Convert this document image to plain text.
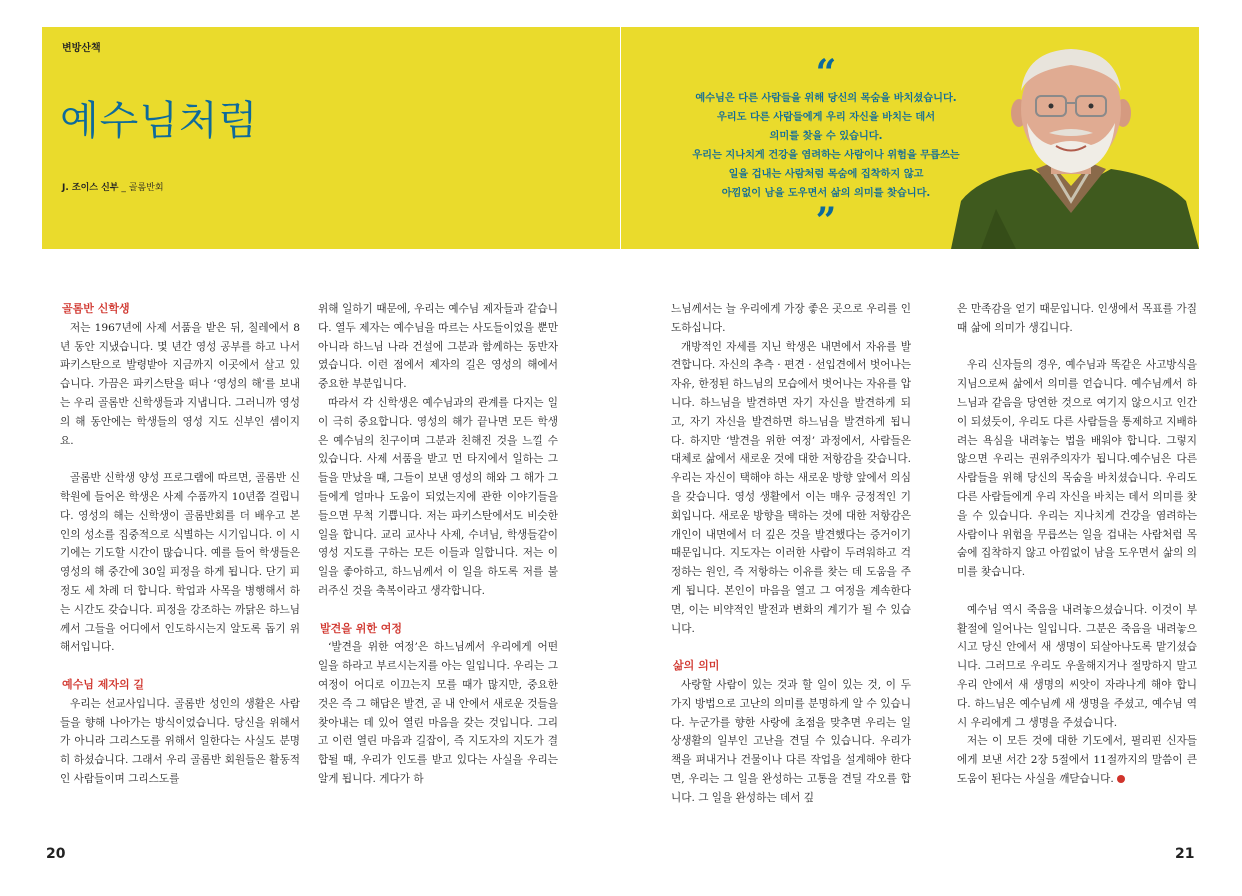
변방산책
예수님처럼
J. 조이스 신부 _ 골롬반회
골롬반 신학생

저는 1967년에 사제 서품을 받은 뒤, 칠레에서 8년 동안 지냈습니다. 몇 년간 영성 공부를 하고 나서 파키스탄으로 발령받아 지금까지 이곳에서 살고 있습니다. 가끔은 파키스탄을 떠나 ‘영성의 해’를 보내는 우리 골롬반 신학생들과 지냅니다. 그러니까 영성의 해 동안에는 학생들의 영성 지도 신부인 셈이지요.

골롬반 신학생 양성 프로그램에 따르면, 골롬반 신학원에 들어온 학생은 사제 수품까지 10년쯤 걸립니다. 영성의 해는 신학생이 골롬반회를 더 배우고 본인의 성소를 집중적으로 식별하는 시기입니다. 이 시기에는 기도할 시간이 많습니다. 예를 들어 학생들은 영성의 해 중간에 30일 피정을 하게 됩니다. 단기 피정도 세 차례 더 합니다. 학업과 사목을 병행해서 하는 시간도 갖습니다. 피정을 강조하는 까닭은 하느님께서 그들을 어디에서 인도하시는지 알도록 돕기 위해서입니다.

예수님 제자의 길

우리는 선교사입니다. 골롬반 성인의 생활은 사람들을 향해 나아가는 방식이었습니다. 당신을 위해서가 아니라 그리스도를 위해서 일한다는 사실도 분명히 하셨습니다. 그래서 우리 골롬반 회원들은 활동적인 사람들이며 그리스도를

위해 일하기 때문에, 우리는 예수님 제자들과 같습니다. 열두 제자는 예수님을 따르는 사도들이었을 뿐만 아니라 하느님 나라 건설에 그분과 함께하는 동반자였습니다. 이런 점에서 제자의 길은 영성의 해에서 중요한 부분입니다.

따라서 각 신학생은 예수님과의 관계를 다지는 일이 극히 중요합니다. 영성의 해가 끝나면 모든 학생은 예수님의 친구이며 그분과 친해진 것을 느낄 수 있습니다. 사제 서품을 받고 먼 타지에서 일하는 그들을 만났을 때, 그들이 보낸 영성의 해와 그 해가 그들에게 얼마나 도움이 되었는지에 관한 이야기들을 들으면 무척 기쁩니다. 저는 파키스탄에서도 비슷한 일을 합니다. 교리 교사나 사제, 수녀님, 학생들같이 영성 지도를 구하는 모든 이들과 일합니다. 저는 이 일을 좋아하고, 하느님께서 이 일을 하도록 저를 불러주신 것을 축복이라고 생각합니다.

발견을 위한 여정

‘발견을 위한 여정’은 하느님께서 우리에게 어떤 일을 하라고 부르시는지를 아는 일입니다. 우리는 그 여정이 어디로 이끄는지 모를 때가 많지만, 중요한 것은 즉 그 해답은 발견, 곧 내 안에서 새로운 것들을 찾아내는 데 있어 열린 마음을 갖는 것입니다. 그리고 이런 열린 마음과 길잡이, 즉 지도자의 지도가 결합될 때, 우리가 인도를 받고 있다는 사실을 우리는 알게 됩니다. 게다가 하

20
“
예수님은 다른 사람들을 위해 당신의 목숨을 바치셨습니다.
우리도 다른 사람들에게 우리 자신을 바치는 데서
의미를 찾을 수 있습니다.
우리는 지나치게 건강을 염려하는 사람이나 위험을 무릅쓰는
일을 겁내는 사람처럼 목숨에 집착하지 않고
아낌없이 남을 도우면서 삶의 의미를 찾습니다.
”

느님께서는 늘 우리에게 가장 좋은 곳으로 우리를 인도하십니다.

개방적인 자세를 지닌 학생은 내면에서 자유를 발견합니다. 자신의 추측 · 편견 · 선입견에서 벗어나는 자유, 한정된 하느님의 모습에서 벗어나는 자유를 압니다. 하느님을 발견하면 자기 자신을 발견하게 되고, 자기 자신을 발견하면 하느님을 발견하게 됩니다. 하지만 ‘발견을 위한 여정’ 과정에서, 사람들은 대체로 삶에서 새로운 것에 대한 저항감을 갖습니다. 우리는 자신이 택해야 하는 새로운 방향 앞에서 의심을 갖습니다. 영성 생활에서 이는 매우 긍정적인 기회입니다. 새로운 방향을 택하는 것에 대한 저항감은 개인이 내면에서 더 깊은 것을 발견했다는 증거이기 때문입니다. 지도자는 이러한 사람이 두려워하고 걱정하는 원인, 즉 저항하는 이유를 찾는 데 도움을 주게 됩니다. 본인이 마음을 열고 그 여정을 계속한다면, 이는 비약적인 발전과 변화의 계기가 될 수 있습니다.

삶의 의미

사랑할 사람이 있는 것과 할 일이 있는 것, 이 두 가지 방법으로 고난의 의미를 분명하게 알 수 있습니다. 누군가를 향한 사랑에 초점을 맞추면 우리는 일상생활의 일부인 고난을 견딜 수 있습니다. 우리가 책을 펴내거나 건물이나 다른 작업을 설계해야 한다면, 우리는 그 일을 완성하는 고통을 견딜 각오를 합니다. 그 일을 완성하는 데서 깊

은 만족감을 얻기 때문입니다. 인생에서 목표를 가질 때 삶에 의미가 생깁니다.

우리 신자들의 경우, 예수님과 똑같은 사고방식을 지님으로써 삶에서 의미를 얻습니다. 예수님께서 하느님과 같음을 당연한 것으로 여기지 않으시고 인간이 되셨듯이, 우리도 다른 사람들을 통제하고 지배하려는 욕심을 내려놓는 법을 배워야 합니다. 그렇지 않으면 우리는 권위주의자가 됩니다.예수님은 다른 사람들을 위해 당신의 목숨을 바치셨습니다. 우리도 다른 사람들에게 우리 자신을 바치는 데서 의미를 찾을 수 있습니다. 우리는 지나치게 건강을 염려하는 사람이나 위험을 무릅쓰는 일을 겁내는 사람처럼 목숨에 집착하지 않고 아낌없이 남을 도우면서 삶의 의미를 찾습니다.

예수님 역시 죽음을 내려놓으셨습니다. 이것이 부활절에 일어나는 일입니다. 그분은 죽음을 내려놓으시고 당신 안에서 새 생명이 되살아나도록 맡기셨습니다. 그러므로 우리도 우울해지거나 절망하지 말고 우리 안에서 새 생명의 씨앗이 자라나게 해야 합니다. 하느님은 예수님께 새 생명을 주셨고, 예수님 역시 우리에게 그 생명을 주셨습니다.

저는 이 모든 것에 대한 기도에서, 필리핀 신자들에게 보낸 서간 2장 5절에서 11절까지의 말씀이 큰 도움이 된다는 사실을 깨닫습니다.

21
